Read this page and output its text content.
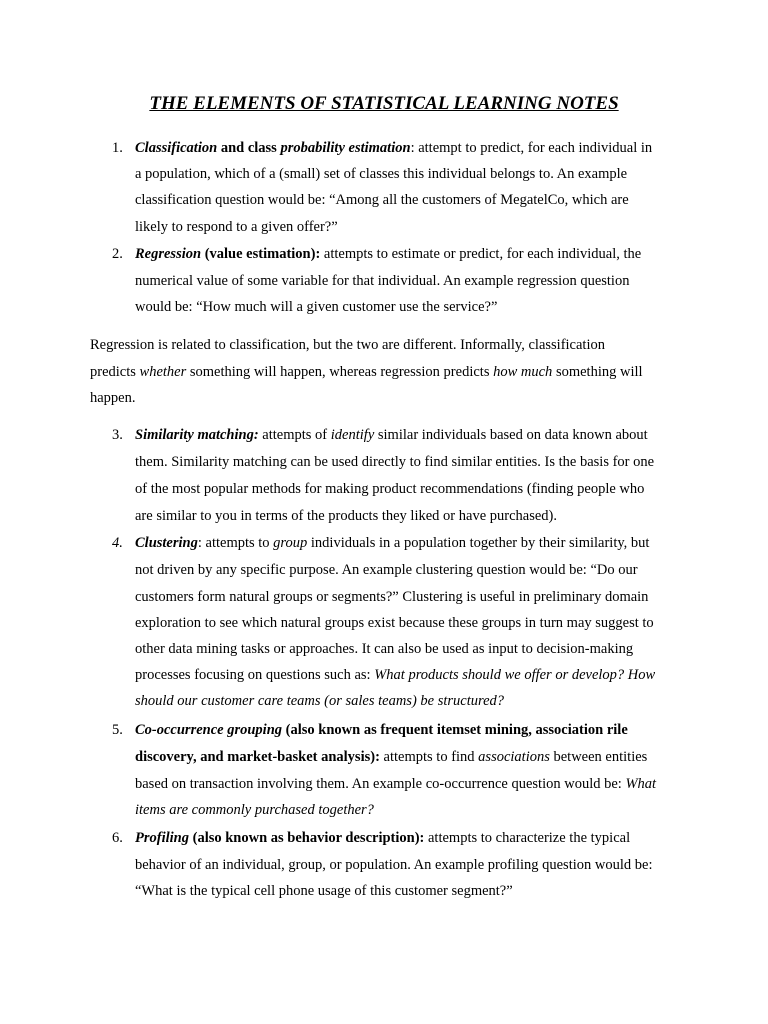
THE ELEMENTS OF STATISTICAL LEARNING NOTES
1. Classification and class probability estimation: attempt to predict, for each individual in
a population, which of a (small) set of classes this individual belongs to. An example
classification question would be: “Among all the customers of MegatelCo, which are
likely to respond to a given offer?”
2. Regression (value estimation): attempts to estimate or predict, for each individual, the
numerical value of some variable for that individual. An example regression question
would be: “How much will a given customer use the service?”
Regression is related to classification, but the two are different. Informally, classification
predicts whether something will happen, whereas regression predicts how much something will
happen.
3. Similarity matching: attempts of identify similar individuals based on data known about
them. Similarity matching can be used directly to find similar entities. Is the basis for one
of the most popular methods for making product recommendations (finding people who
are similar to you in terms of the products they liked or have purchased).
4. Clustering: attempts to group individuals in a population together by their similarity, but
not driven by any specific purpose. An example clustering question would be: “Do our
customers form natural groups or segments?” Clustering is useful in preliminary domain
exploration to see which natural groups exist because these groups in turn may suggest to
other data mining tasks or approaches. It can also be used as input to decision-making
processes focusing on questions such as: What products should we offer or develop? How
should our customer care teams (or sales teams) be structured?
5. Co-occurrence grouping (also known as frequent itemset mining, association rile
discovery, and market-basket analysis): attempts to find associations between entities
based on transaction involving them. An example co-occurrence question would be: What
items are commonly purchased together?
6. Profiling (also known as behavior description): attempts to characterize the typical
behavior of an individual, group, or population. An example profiling question would be:
“What is the typical cell phone usage of this customer segment?”
